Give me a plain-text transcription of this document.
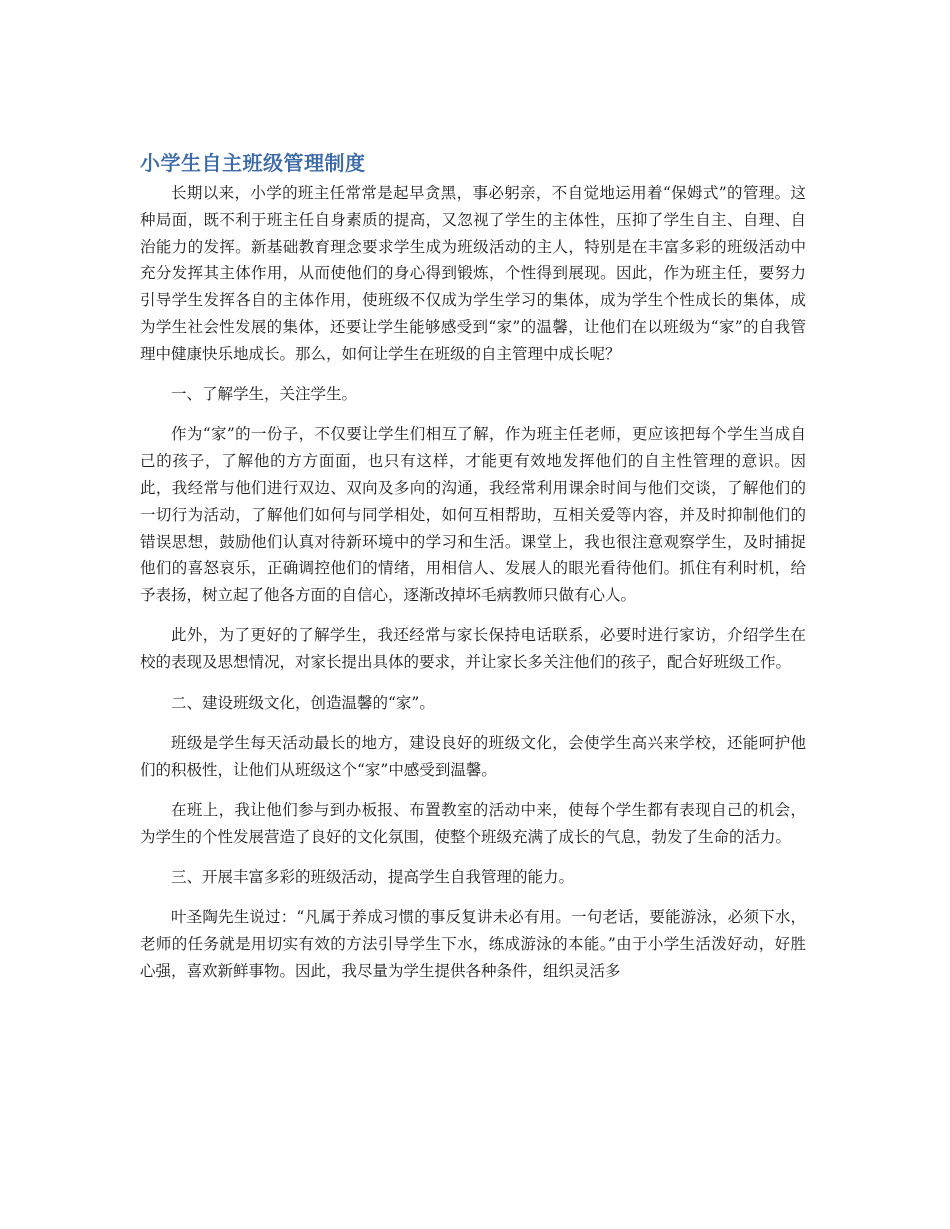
小学生自主班级管理制度

长期以来，小学的班主任常常是起早贪黑，事必躬亲，不自觉地运用着“保姆式”的管理。这种局面，既不利于班主任自身素质的提高，又忽视了学生的主体性，压抑了学生自主、自理、自治能力的发挥。新基础教育理念要求学生成为班级活动的主人，特别是在丰富多彩的班级活动中充分发挥其主体作用，从而使他们的身心得到锻炼，个性得到展现。因此，作为班主任，要努力引导学生发挥各自的主体作用，使班级不仅成为学生学习的集体，成为学生个性成长的集体，成为学生社会性发展的集体，还要让学生能够感受到“家”的温馨，让他们在以班级为“家”的自我管理中健康快乐地成长。那么，如何让学生在班级的自主管理中成长呢？

一、了解学生，关注学生。

作为“家”的一份子，不仅要让学生们相互了解，作为班主任老师，更应该把每个学生当成自己的孩子，了解他的方方面面，也只有这样，才能更有效地发挥他们的自主性管理的意识。因此，我经常与他们进行双边、双向及多向的沟通，我经常利用课余时间与他们交谈，了解他们的一切行为活动，了解他们如何与同学相处，如何互相帮助，互相关爱等内容，并及时抑制他们的错误思想，鼓励他们认真对待新环境中的学习和生活。课堂上，我也很注意观察学生，及时捕捉他们的喜怒哀乐，正确调控他们的情绪，用相信人、发展人的眼光看待他们。抓住有利时机，给予表扬，树立起了他各方面的自信心，逐渐改掉坏毛病教师只做有心人。

此外，为了更好的了解学生，我还经常与家长保持电话联系，必要时进行家访，介绍学生在校的表现及思想情况，对家长提出具体的要求，并让家长多关注他们的孩子，配合好班级工作。

二、建设班级文化，创造温馨的“家”。

班级是学生每天活动最长的地方，建设良好的班级文化，会使学生高兴来学校，还能呵护他们的积极性，让他们从班级这个“家”中感受到温馨。

在班上，我让他们参与到办板报、布置教室的活动中来，使每个学生都有表现自己的机会，为学生的个性发展营造了良好的文化氛围，使整个班级充满了成长的气息，勃发了生命的活力。

三、开展丰富多彩的班级活动，提高学生自我管理的能力。

叶圣陶先生说过：“凡属于养成习惯的事反复讲未必有用。一句老话，要能游泳，必须下水，老师的任务就是用切实有效的方法引导学生下水，练成游泳的本能。”由于小学生活泼好动，好胜心强，喜欢新鲜事物。因此，我尽量为学生提供各种条件，组织灵活多
